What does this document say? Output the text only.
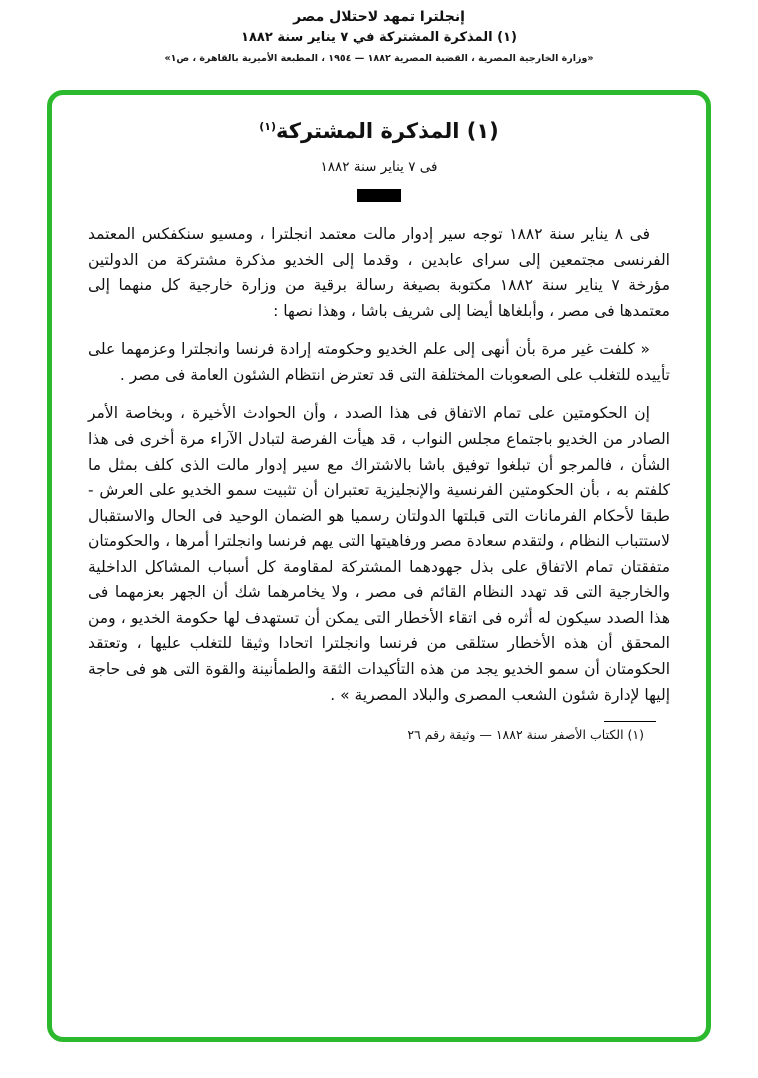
إنجلترا تمهد لاحتلال مصر
(١) المذكرة المشتركة في ٧ يناير سنة ١٨٨٢
«وزارة الخارجية المصرية ، القضية المصرية ١٨٨٢ — ١٩٥٤ ، المطبعة الأميرية بالقاهرة ، ص١»
(١) المذكرة المشتركة$^{(١)}$
فى ٧ يناير سنة ١٨٨٢

فى ٨ يناير سنة ١٨٨٢ توجه سير إدوار مالت معتمد انجلترا ، ومسيو سنكفكس المعتمد الفرنسى مجتمعين إلى سراى عابدين ، وقدما إلى الخديو مذكرة مشتركة من الدولتين مؤرخة ٧ يناير سنة ١٨٨٢ مكتوبة بصيغة رسالة برقية من وزارة خارجية كل منهما إلى معتمدها فى مصر ، وأبلغاها أيضا إلى شريف باشا ، وهذا نصها :

« كلفت غير مرة بأن أنهى إلى علم الخديو وحكومته إرادة فرنسا وانجلترا وعزمهما على تأييده للتغلب على الصعوبات المختلفة التى قد تعترض انتظام الشئون العامة فى مصر .

إن الحكومتين على تمام الاتفاق فى هذا الصدد ، وأن الحوادث الأخيرة ، وبخاصة الأمر الصادر من الخديو باجتماع مجلس النواب ، قد هيأت الفرصة لتبادل الآراء مرة أخرى فى هذا الشأن ، فالمرجو أن تبلغوا توفيق باشا بالاشتراك مع سير إدوار مالت الذى كلف بمثل ما كلفتم به ، بأن الحكومتين الفرنسية والإنجليزية تعتبران أن تثبيت سمو الخديو على العرش - طبقا لأحكام الفرمانات التى قبلتها الدولتان رسميا هو الضمان الوحيد فى الحال والاستقبال لاستتباب النظام ، ولتقدم سعادة مصر ورفاهيتها التى يهم فرنسا وانجلترا أمرها ، والحكومتان متفقتان تمام الاتفاق على بذل جهودهما المشتركة لمقاومة كل أسباب المشاكل الداخلية والخارجية التى قد تهدد النظام القائم فى مصر ، ولا يخامرهما شك أن الجهر بعزمهما فى هذا الصدد سيكون له أثره فى اتقاء الأخطار التى يمكن أن تستهدف لها حكومة الخديو ، ومن المحقق أن هذه الأخطار ستلقى من فرنسا وانجلترا اتحادا وثيقا للتغلب عليها ، وتعتقد الحكومتان أن سمو الخديو يجد من هذه التأكيدات الثقة والطمأنينة والقوة التى هو فى حاجة إليها لإدارة شئون الشعب المصرى والبلاد المصرية » .

(١) الكتاب الأصفر سنة ١٨٨٢ — وثيقة رقم ٢٦
